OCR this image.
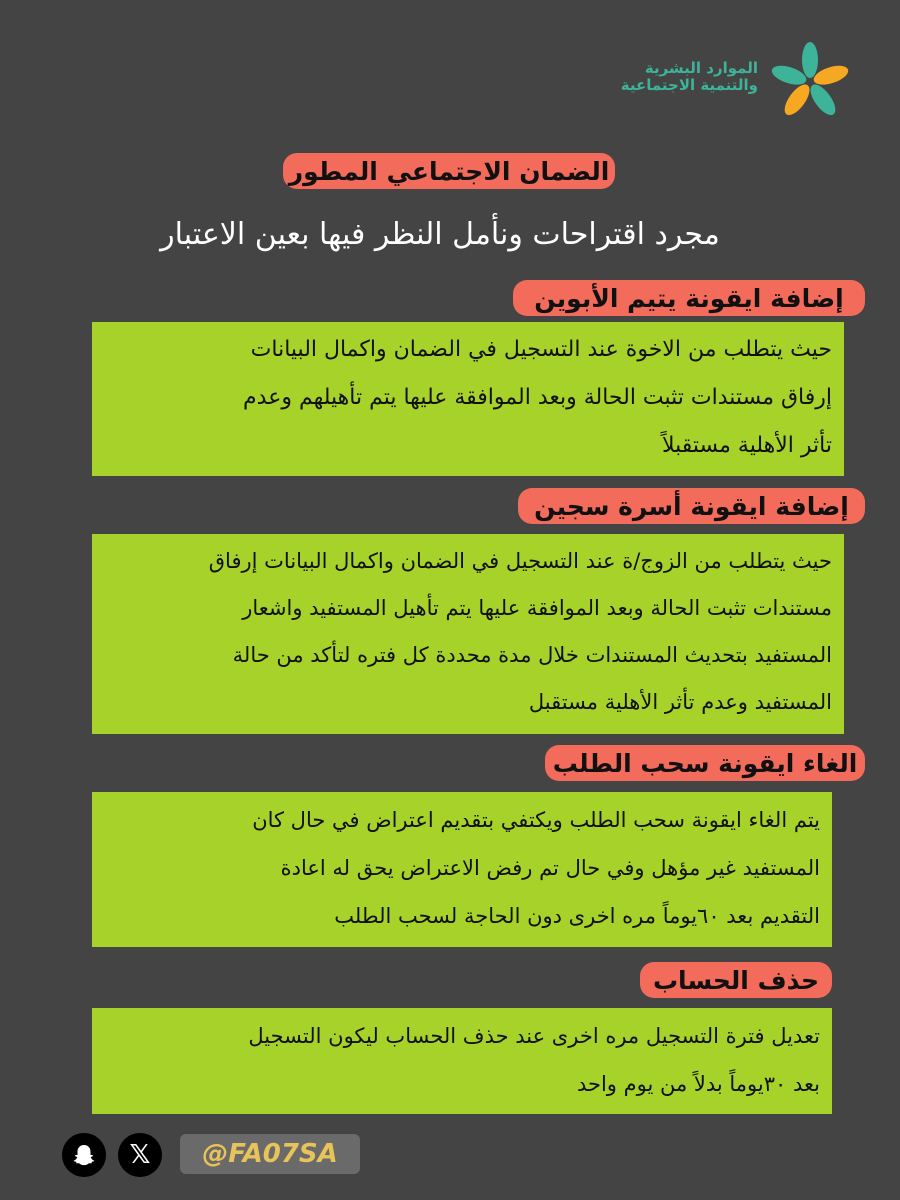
الموارد البشرية
والتنمية الاجتماعية
الضمان الاجتماعي المطور
مجرد اقتراحات ونأمل النظر فيها بعين الاعتبار
إضافة ايقونة يتيم الأبوين
حيث يتطلب من الاخوة عند التسجيل في الضمان واكمال البيانات
إرفاق مستندات تثبت الحالة وبعد الموافقة عليها يتم تأهيلهم وعدم
تأثر الأهلية مستقبلاً
إضافة ايقونة أسرة سجين
حيث يتطلب من الزوج/ة عند التسجيل في الضمان واكمال البيانات إرفاق
مستندات تثبت الحالة وبعد الموافقة عليها يتم تأهيل المستفيد واشعار
المستفيد بتحديث المستندات خلال مدة محددة كل فتره لتأكد من حالة
المستفيد وعدم تأثر الأهلية مستقبل
الغاء ايقونة سحب الطلب
يتم الغاء ايقونة سحب الطلب ويكتفي بتقديم اعتراض في حال كان
المستفيد غير مؤهل وفي حال تم رفض الاعتراض يحق له اعادة
التقديم بعد ٦٠يوماً مره اخرى دون الحاجة لسحب الطلب
حذف الحساب
تعديل فترة التسجيل مره اخرى عند حذف الحساب ليكون التسجيل
بعد ٣٠يوماً بدلاً من يوم واحد
𝕏	@FA07SA
